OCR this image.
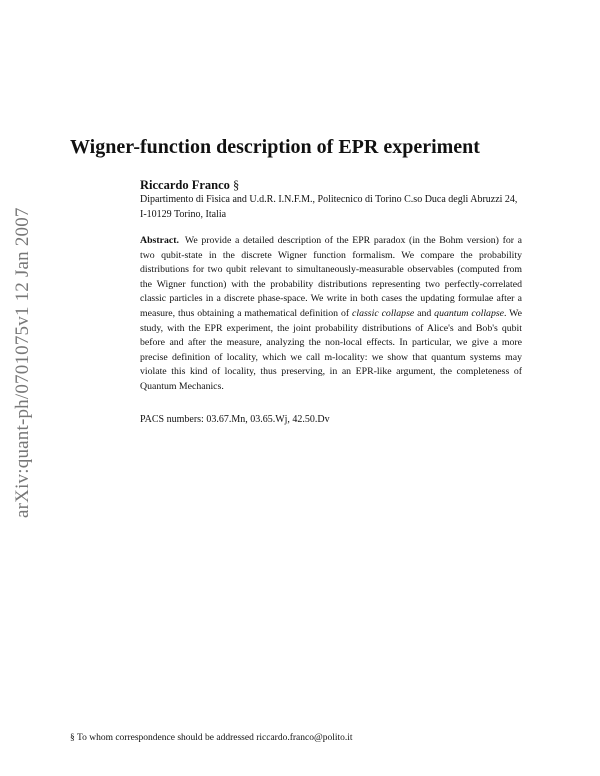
arXiv:quant-ph/0701075v1 12 Jan 2007
Wigner-function description of EPR experiment
Riccardo Franco §
Dipartimento di Fisica and U.d.R. I.N.F.M., Politecnico di Torino C.so Duca degli Abruzzi 24, I-10129 Torino, Italia
Abstract. We provide a detailed description of the EPR paradox (in the Bohm version) for a two qubit-state in the discrete Wigner function formalism. We compare the probability distributions for two qubit relevant to simultaneously-measurable observables (computed from the Wigner function) with the probability distributions representing two perfectly-correlated classic particles in a discrete phase-space. We write in both cases the updating formulae after a measure, thus obtaining a mathematical definition of classic collapse and quantum collapse. We study, with the EPR experiment, the joint probability distributions of Alice's and Bob's qubit before and after the measure, analyzing the non-local effects. In particular, we give a more precise definition of locality, which we call m-locality: we show that quantum systems may violate this kind of locality, thus preserving, in an EPR-like argument, the completeness of Quantum Mechanics.
PACS numbers: 03.67.Mn, 03.65.Wj, 42.50.Dv
§ To whom correspondence should be addressed riccardo.franco@polito.it
